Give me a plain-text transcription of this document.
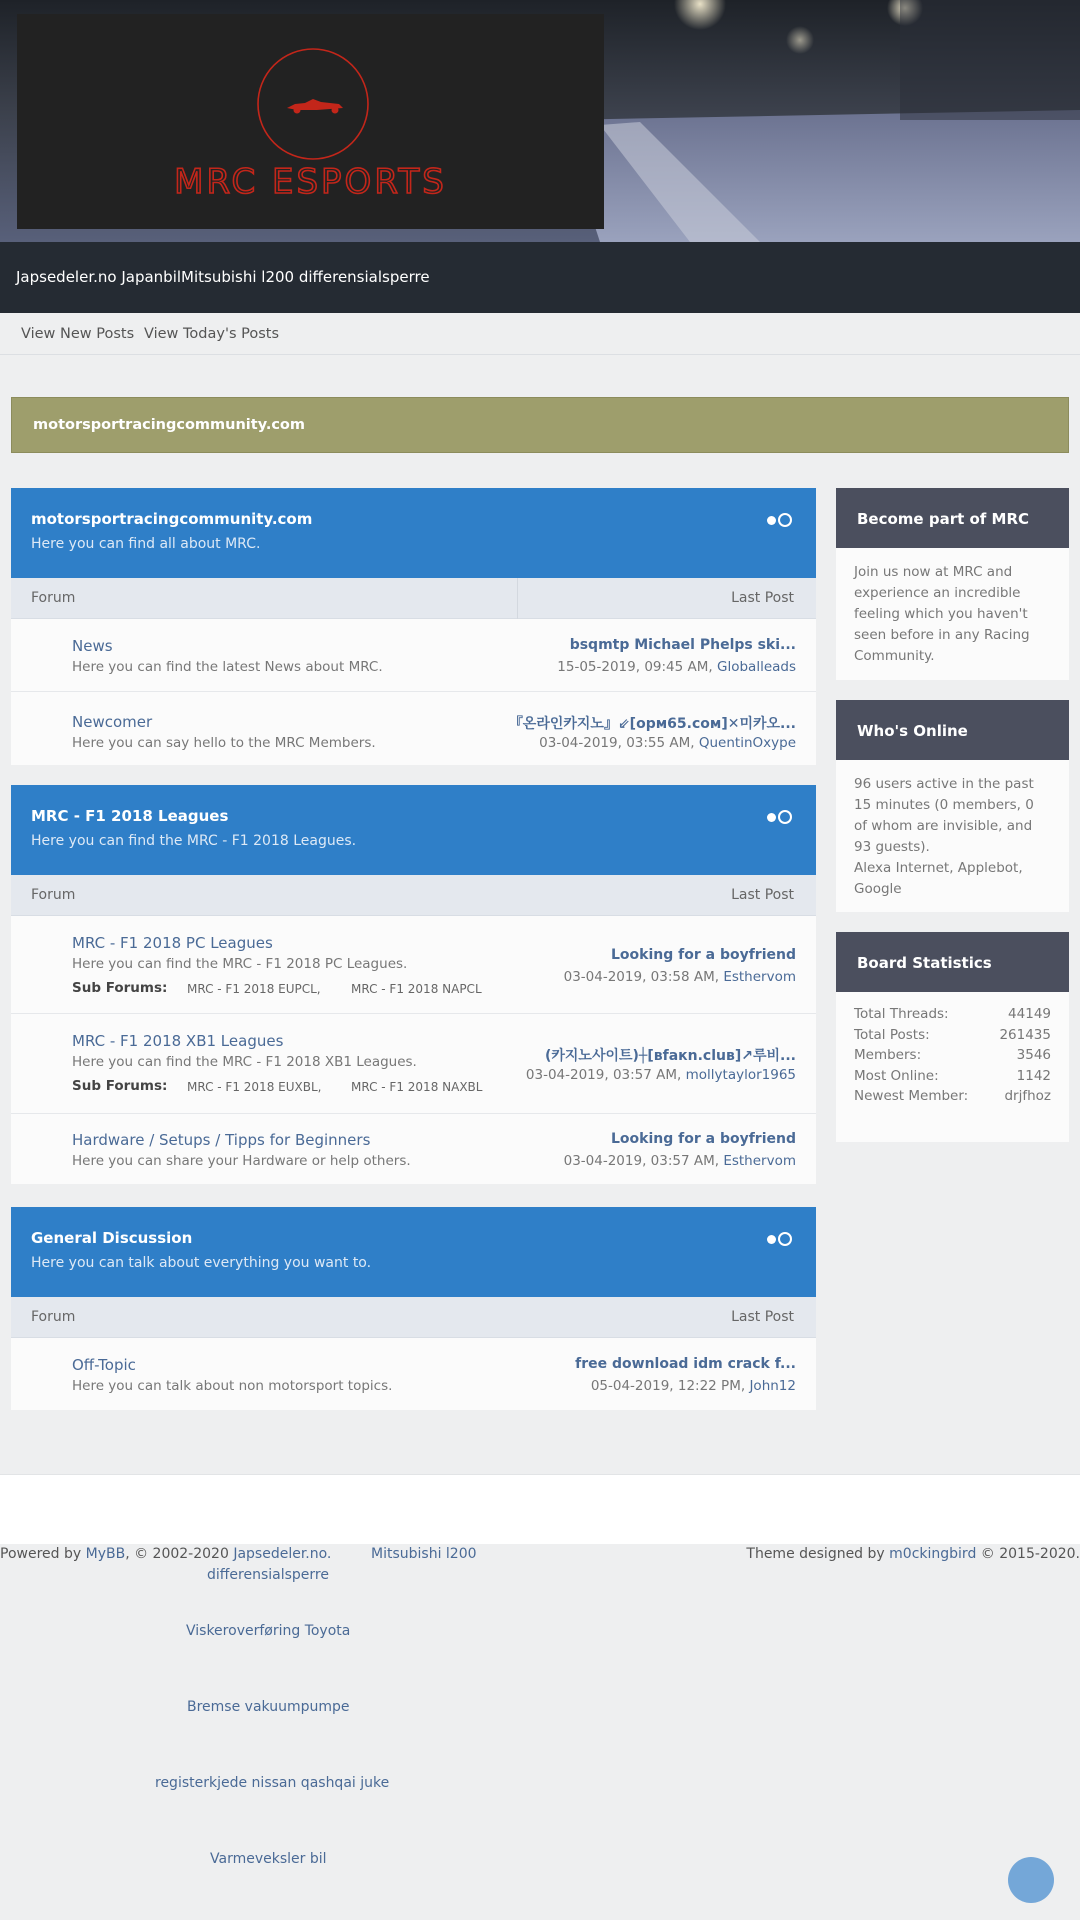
MRC ESPORTS
Japsedeler.no JapanbilMitsubishi l200 differensialsperre
View New Posts View Today's Posts
motorsportracingcommunity.com
motorsportracingcommunity.com
Here you can find all about MRC.
Forum	Last Post
News
Here you can find the latest News about MRC.
bsqmtp Michael Phelps ski...
15-05-2019, 09:45 AM, Globalleads
Newcomer
Here you can say hello to the MRC Members.
『온라인카지노』⇙[opм65.coм]✕미카오...
03-04-2019, 03:55 AM, QuentinOxype
MRC - F1 2018 Leagues
Here you can find the MRC - F1 2018 Leagues.
Forum	Last Post
MRC - F1 2018 PC Leagues
Here you can find the MRC - F1 2018 PC Leagues.
Sub Forums: MRC - F1 2018 EUPCL,	MRC - F1 2018 NAPCL
Looking for a boyfriend
03-04-2019, 03:58 AM, Esthervom
MRC - F1 2018 XB1 Leagues
Here you can find the MRC - F1 2018 XB1 Leagues.
Sub Forums: MRC - F1 2018 EUXBL, MRC - F1 2018 NAXBL
(카지노사이트)┼[вfaкn.cluв]↗루비...
03-04-2019, 03:57 AM, mollytaylor1965
Hardware / Setups / Tipps for Beginners
Here you can share your Hardware or help others.
Looking for a boyfriend
03-04-2019, 03:57 AM, Esthervom
General Discussion
Here you can talk about everything you want to.
Forum	Last Post
Off-Topic
Here you can talk about non motorsport topics.
free download idm crack f...
05-04-2019, 12:22 PM, John12
Become part of MRC
Join us now at MRC and experience an incredible feeling which you haven't seen before in any Racing Community.
Who's Online
96 users active in the past 15 minutes (0 members, 0 of whom are invisible, and 93 guests).
Alexa Internet, Applebot, Google
Board Statistics
Total Threads:	44149
Total Posts:	261435
Members:	3546
Most Online:	1142
Newest Member:	drjfhoz
Powered by MyBB, © 2002-2020 Japsedeler.no.	Mitsubishi l200
differensialsperre
Theme designed by m0ckingbird © 2015-2020.
Viskeroverføring Toyota
Bremse vakuumpumpe
registerkjede nissan qashqai juke
Varmeveksler bil
